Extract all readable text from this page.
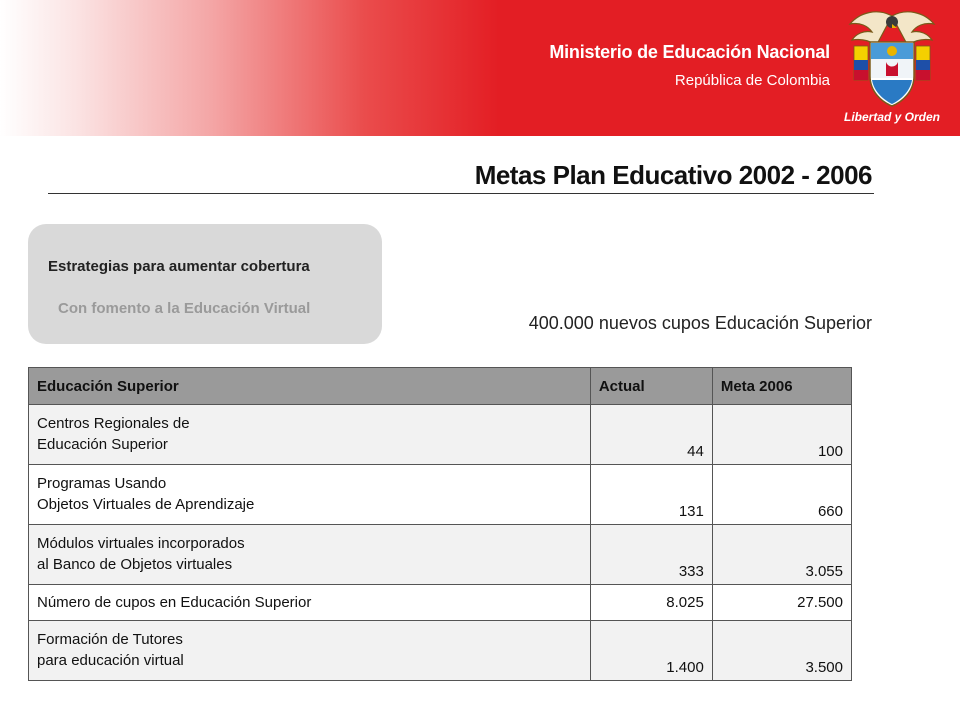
Ministerio de Educación Nacional
República de Colombia
Libertad y Orden
Metas Plan Educativo 2002 - 2006
Estrategias para aumentar cobertura
Con fomento a la Educación Virtual
400.000 nuevos cupos Educación Superior
Educación Superior	Actual	Meta 2006

Centros Regionales de
Educación Superior	44	100

Programas Usando
Objetos Virtuales de Aprendizaje	131	660

Módulos virtuales incorporados
al Banco de Objetos virtuales	333	3.055

Número de cupos en Educación Superior	8.025	27.500

Formación de Tutores
para educación virtual	1.400	3.500
